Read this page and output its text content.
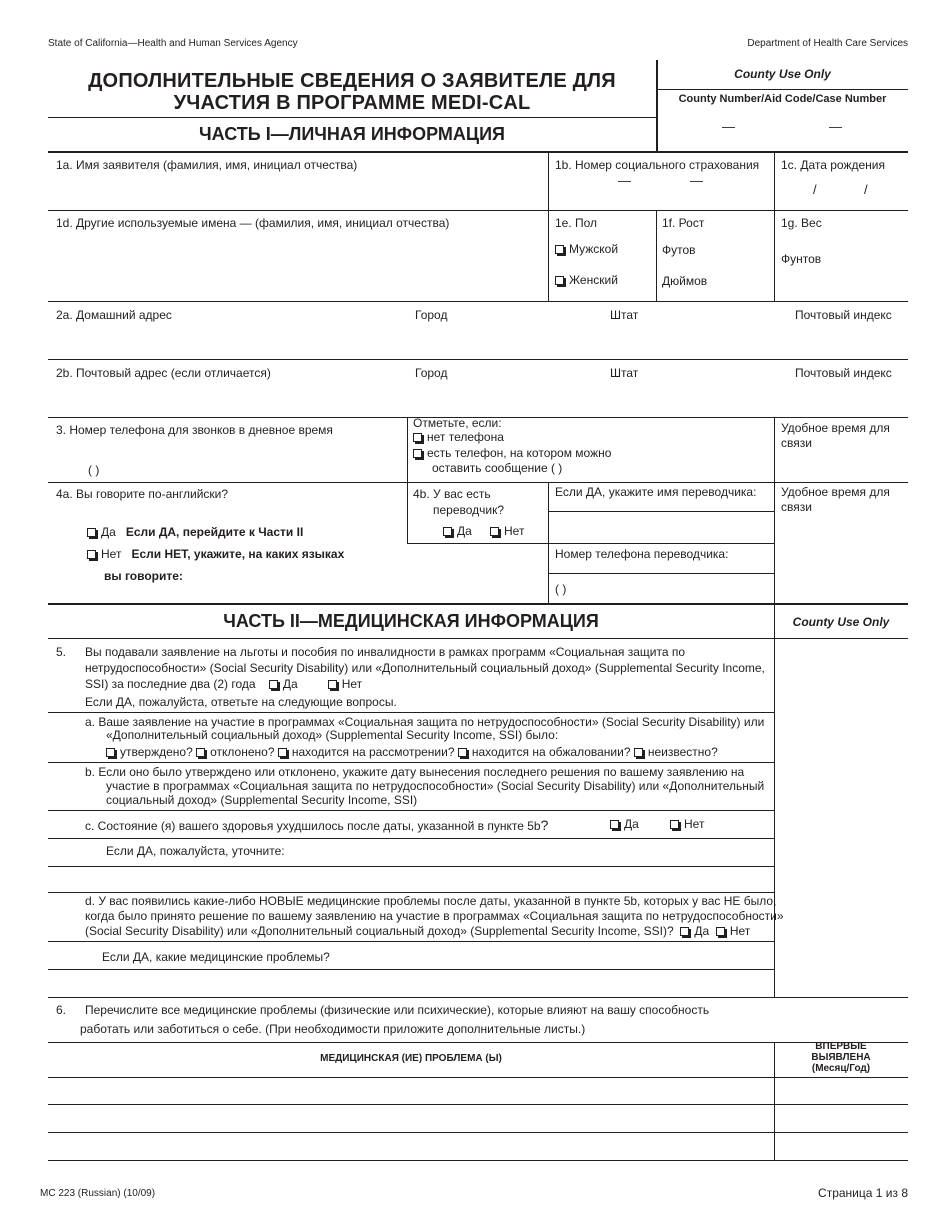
State of California—Health and Human Services Agency	Department of Health Care Services
ДОПОЛНИТЕЛЬНЫЕ СВЕДЕНИЯ О ЗАЯВИТЕЛЕ ДЛЯ
УЧАСТИЯ В ПРОГРАММЕ MEDI-CAL
County Use Only
County Number/Aid Code/Case Number
—	—
ЧАСТЬ I—ЛИЧНАЯ ИНФОРМАЦИЯ
1a. Имя заявителя (фамилия, имя, инициал отчества)	1b. Номер социального страхования
—	—
1c. Дата рождения
/	/
1d. Другие используемые имена — (фамилия, имя, инициал отчества)	1e. Пол
Мужской
Женский
1f. Рост
Футов
Дюймов
1g. Вес
Фунтов
2a. Домашний адрес	Город	Штат	Почтовый индекс
2b. Почтовый адрес (если отличается)	Город	Штат	Почтовый индекс
3. Номер телефона для звонков в дневное время
( )
Отметьте, если:
нет телефона
есть телефон, на котором можно
оставить сообщение ( )
Удобное время для связи
4a. Вы говорите по-английски?
Да Если ДА, перейдите к Части II
Нет Если НЕТ, укажите, на каких языках
вы говорите:
4b. У вас есть
переводчик?
Да	Нет
Если ДА, укажите имя переводчика:
Номер телефона переводчика:
( )
Удобное время для связи
ЧАСТЬ II—МЕДИЦИНСКАЯ ИНФОРМАЦИЯ	County Use Only
5. Вы подавали заявление на льготы и пособия по инвалидности в рамках программ «Социальная защита по
нетрудоспособности» (Social Security Disability) или «Дополнительный социальный доход» (Supplemental Security Income,
SSI) за последние два (2) года Да	Нет
Если ДА, пожалуйста, ответьте на следующие вопросы.
a. Ваше заявление на участие в программах «Социальная защита по нетрудоспособности» (Social Security Disability) или
«Дополнительный социальный доход» (Supplemental Security Income, SSI) было:
утверждено? отклонено? находится на рассмотрении? находится на обжаловании? неизвестно?
b. Если оно было утверждено или отклонено, укажите дату вынесения последнего решения по вашему заявлению на
участие в программах «Социальная защита по нетрудоспособности» (Social Security Disability) или «Дополнительный
социальный доход» (Supplemental Security Income, SSI)
c. Состояние (я) вашего здоровья ухудшилось после даты, указанной в пункте 5b?	Да	Нет
Если ДА, пожалуйста, уточните:
d. У вас появились какие-либо НОВЫЕ медицинские проблемы после даты, указанной в пункте 5b, которых у вас НЕ было,
когда было принято решение по вашему заявлению на участие в программах «Социальная защита по нетрудоспособности»
(Social Security Disability) или «Дополнительный социальный доход» (Supplemental Security Income, SSI)? Да Нет
Если ДА, какие медицинские проблемы?
6. Перечислите все медицинские проблемы (физические или психические), которые влияют на вашу способность
работать или заботиться о себе. (При необходимости приложите дополнительные листы.)
МЕДИЦИНСКАЯ (ИЕ) ПРОБЛЕМА (Ы)
ВПЕРВЫЕ
ВЫЯВЛЕНА
(Месяц/Год)
MC 223 (Russian) (10/09)	Страница 1 из 8
